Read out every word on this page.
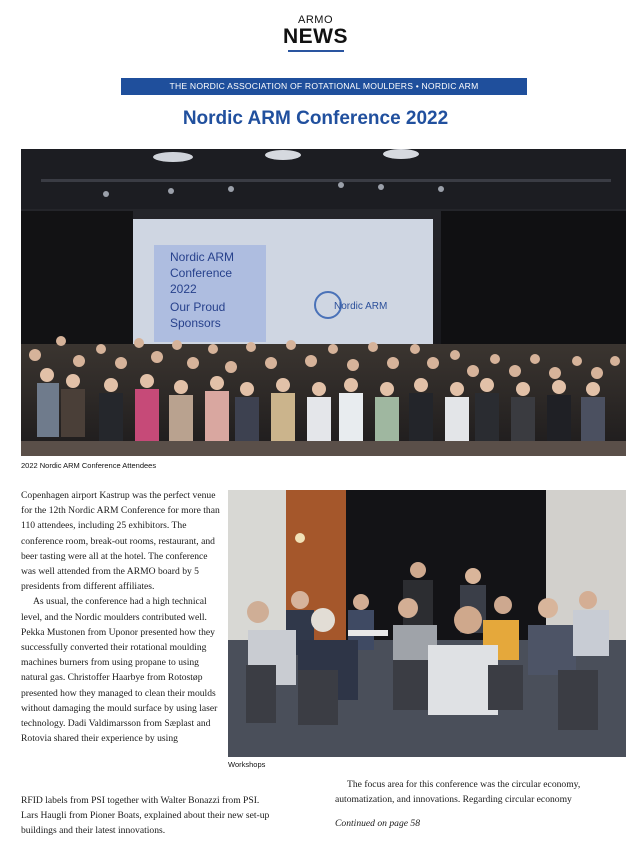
ARMO
NEWS
THE NORDIC ASSOCIATION OF ROTATIONAL MOULDERS • NORDIC ARM
Nordic ARM Conference 2022
Nordic ARM
Conference
2022
Our Proud
Sponsors
Nordic ARM
2022 Nordic ARM Conference Attendees
Workshops

Copenhagen airport Kastrup was the perfect venue for the 12th Nordic ARM Conference for more than 110 attendees, including 25 exhibitors. The conference room, break-out rooms, restaurant, and beer tasting were all at the hotel. The conference was well attended from the ARMO board by 5 presidents from different affiliates.

As usual, the conference had a high technical level, and the Nordic moulders contributed well. Pekka Mustonen from Uponor presented how they successfully converted their rotational moulding machines burners from using propane to using natural gas. Christoffer Haarbye from Rotostøp presented how they managed to clean their moulds without damaging the mould surface by using laser technology. Dadi Valdimarsson from Sæplast and Rotovia shared their experience by using

RFID labels from PSI together with Walter Bonazzi from PSI.
Lars Haugli from Pioner Boats, explained about their new set-up
buildings and their latest innovations.
The focus area for this conference was the circular economy,
automatization, and innovations. Regarding circular economy
Continued on page 58
